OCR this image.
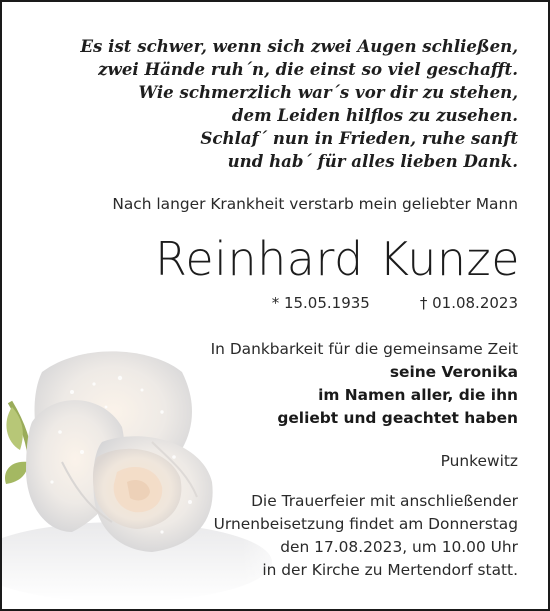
Es ist schwer, wenn sich zwei Augen schließen,
zwei Hände ruh´n, die einst so viel geschafft.
Wie schmerzlich war´s vor dir zu stehen,
dem Leiden hilflos zu zusehen.
Schlaf´ nun in Frieden, ruhe sanft
und hab´ für alles lieben Dank.
Nach langer Krankheit verstarb mein geliebter Mann
Reinhard Kunze
* 15.05.1935	† 01.08.2023
In Dankbarkeit für die gemeinsame Zeit
seine Veronika
im Namen aller, die ihn
geliebt und geachtet haben
Punkewitz
Die Trauerfeier mit anschließender
Urnenbeisetzung findet am Donnerstag
den 17.08.2023, um 10.00 Uhr
in der Kirche zu Mertendorf statt.
